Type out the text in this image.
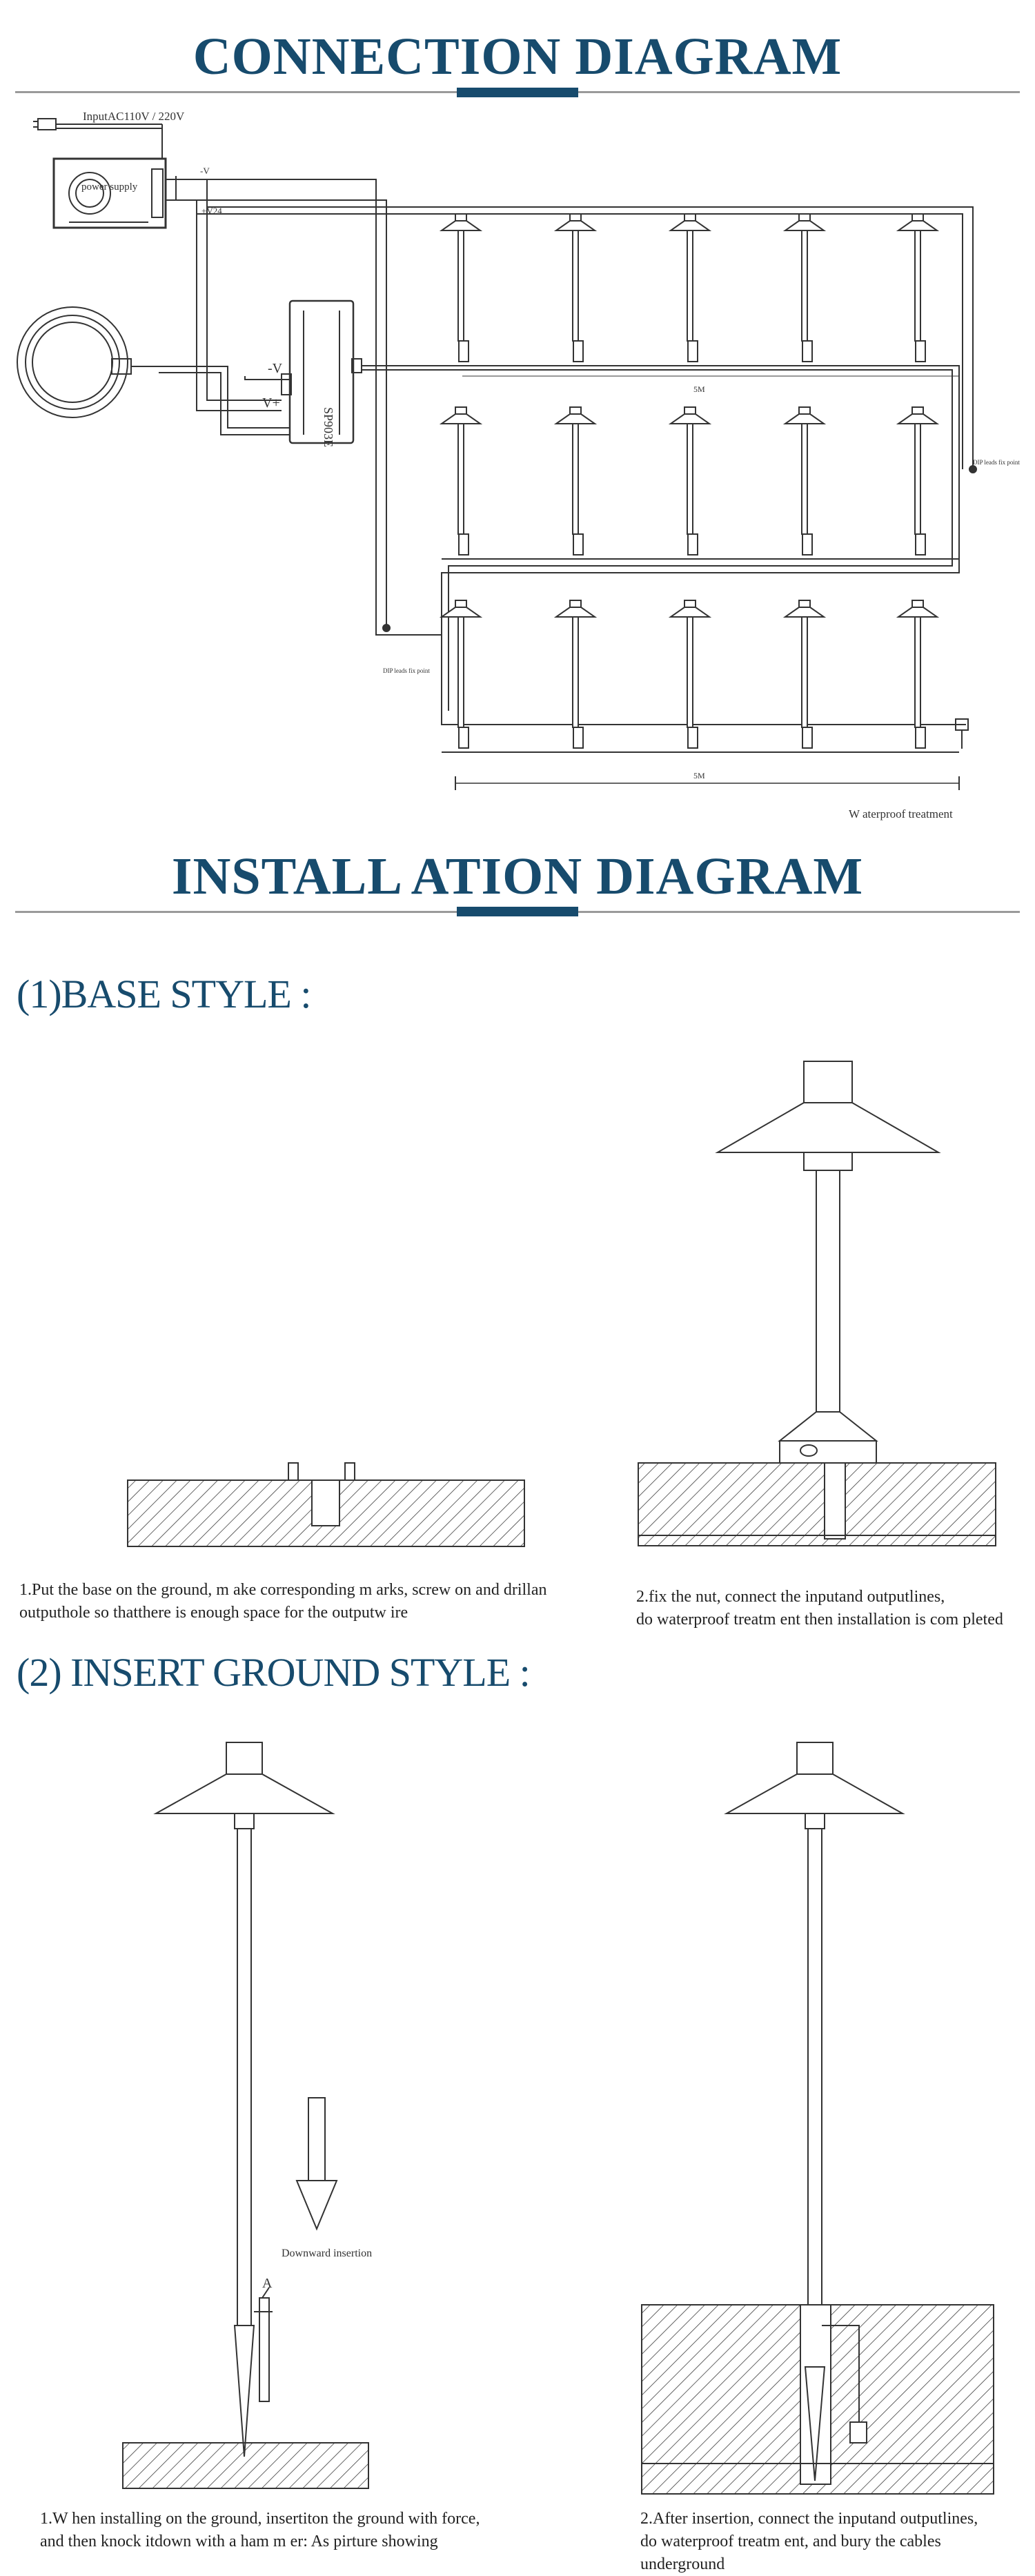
CONNECTION DIAGRAM
InputAC110V / 220V
power supply
-V
+V24
SP903E
-V
V+
5M
5M
W aterproof treatment
DIP leads fix point
DIP leads fix point
INSTALL ATION DIAGRAM
(1)BASE STYLE :
1.Put the base on the ground, m ake corresponding m arks, screw on and drillan
outputhole so thatthere is enough space for the outputw ire
2.fix the nut, connect the inputand outputlines,
do waterproof treatm ent then installation is com pleted
(2) INSERT GROUND STYLE :
Downward insertion
A
1.W hen installing on the ground, insertiton the ground with force,
and then knock itdown with a ham m er: As pirture showing
2.After insertion, connect the inputand outputlines,
do waterproof treatm ent, and bury the cables underground
